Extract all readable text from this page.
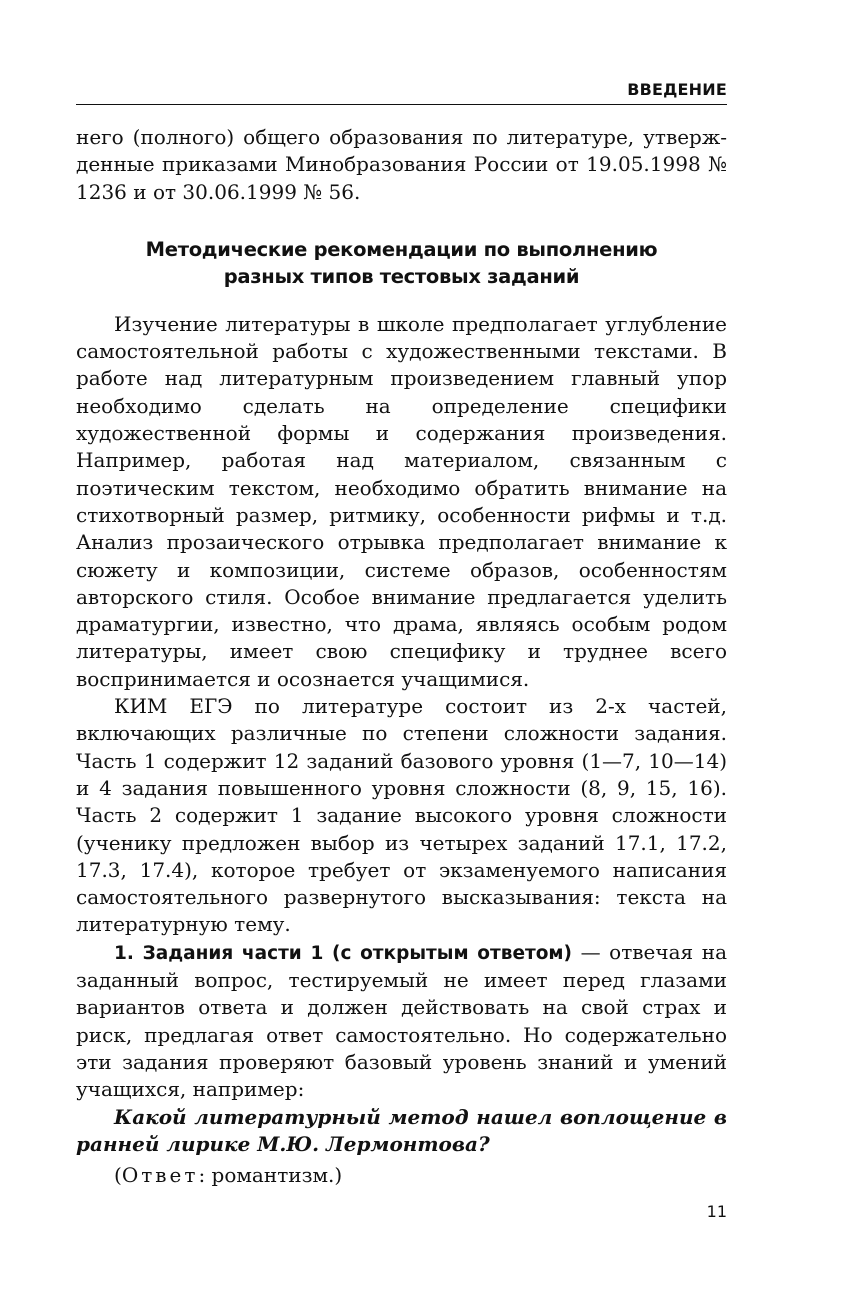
ВВЕДЕНИЕ

него (полного) общего образования по литературе, утверж-денные приказами Минобразования России от 19.05.1998 № 1236 и от 30.06.1999 № 56.

Методические рекомендации по выполнению
разных типов тестовых заданий

Изучение литературы в школе предполагает углубление самостоятельной работы с художественными текстами. В работе над литературным произведением главный упор необходимо сделать на определение специфики художественной формы и содержания произведения. Например, работая над материалом, связанным с поэтическим текстом, необходимо обратить внимание на стихотворный размер, ритмику, особенности рифмы и т.д. Анализ прозаического отрывка предполагает внимание к сюжету и композиции, системе образов, особенностям авторского стиля. Особое внимание предлагается уделить драматургии, известно, что драма, являясь особым родом литературы, имеет свою специфику и труднее всего воспринимается и осознается учащимися.

КИМ ЕГЭ по литературе состоит из 2-х частей, включающих различные по степени сложности задания. Часть 1 содержит 12 заданий базового уровня (1—7, 10—14) и 4 задания повышенного уровня сложности (8, 9, 15, 16). Часть 2 содержит 1 задание высокого уровня сложности (ученику предложен выбор из четырех заданий 17.1, 17.2, 17.3, 17.4), которое требует от экзаменуемого написания самостоятельного развернутого высказывания: текста на литературную тему.

1. Задания части 1 (с открытым ответом) — отвечая на заданный вопрос, тестируемый не имеет перед глазами вариантов ответа и должен действовать на свой страх и риск, предлагая ответ самостоятельно. Но содержательно эти задания проверяют базовый уровень знаний и умений учащихся, например:

Какой литературный метод нашел воплощение в ранней лирике М.Ю. Лермонтова?

(Ответ: романтизм.)

11
